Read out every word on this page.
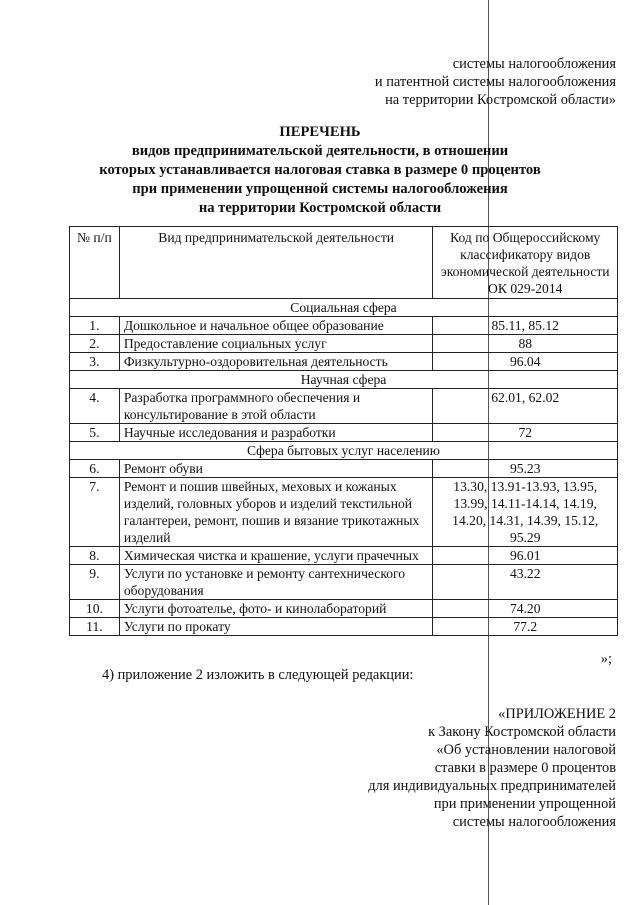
системы налогообложения
и патентной системы налогообложения
на территории Костромской области»
ПЕРЕЧЕНЬ
видов предпринимательской деятельности, в отношении
которых устанавливается налоговая ставка в размере 0 процентов
при применении упрощенной системы налогообложения
на территории Костромской области
№ п/п	Вид предпринимательской деятельности	Код по Общероссийскому классификатору видов экономической деятельности ОК 029-2014
Социальная сфера		
1.	Дошкольное и начальное общее образование	85.11, 85.12
2.	Предоставление социальных услуг	88
3.	Физкультурно-оздоровительная деятельность	96.04
Научная сфера		
4.	Разработка программного обеспечения и консультирование в этой области	62.01, 62.02
5.	Научные исследования и разработки	72
Сфера бытовых услуг населению		
6.	Ремонт обуви	95.23
7.	Ремонт и пошив швейных, меховых и кожаных изделий, головных уборов и изделий текстильной галантереи, ремонт, пошив и вязание трикотажных изделий	13.30, 13.91-13.93, 13.95, 13.99, 14.11-14.14, 14.19, 14.20, 14.31, 14.39, 15.12, 95.29
8.	Химическая чистка и крашение, услуги прачечных	96.01
9.	Услуги по установке и ремонту сантехнического оборудования	43.22
10.	Услуги фотоателье, фото- и кинолабораторий	74.20
11.	Услуги по прокату	77.2
»;
4) приложение 2 изложить в следующей редакции:
«ПРИЛОЖЕНИЕ 2
к Закону Костромской области
«Об установлении налоговой
ставки в размере 0 процентов
для индивидуальных предпринимателей
при применении упрощенной
системы налогообложения
